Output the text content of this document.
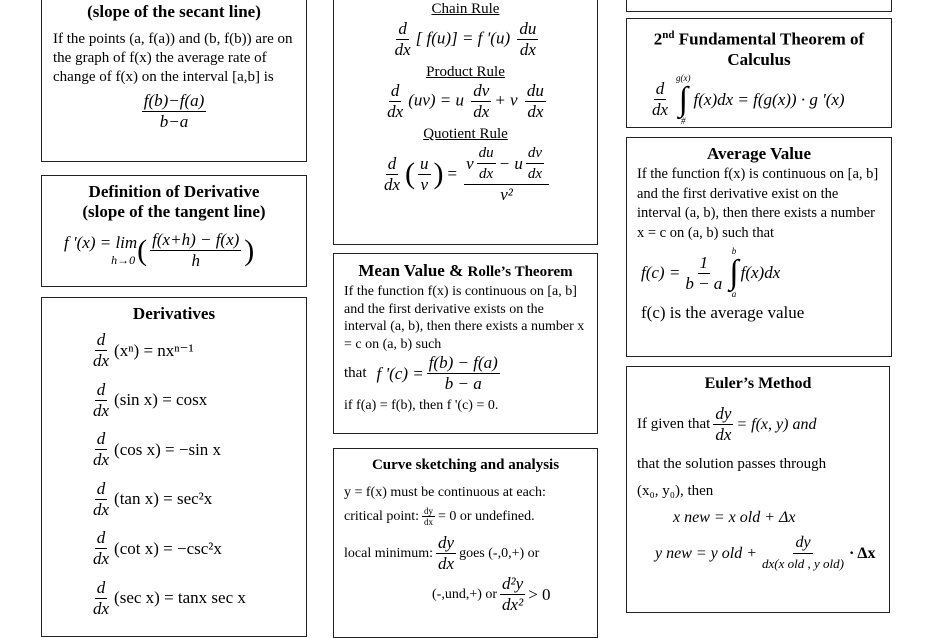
(slope of the secant line)
If the points (a, f(a)) and (b, f(b)) are on the graph of f(x) the average rate of change of f(x) on the interval [a,b] is
$\frac{f(b)-f(a)}{b-a}$
Definition of Derivative
(slope of the tangent line)
f '(x) = lim
h→0 ( $\frac{f(x+h) - f(x)}{h}$ )
Derivatives
$\frac{d}{dx} (x^n) = nx^{n-1}$
$\frac{d}{dx} (\sin$ x) = cosx
$\frac{d}{dx} (\cos$ x) = −sin x
$\frac{d}{dx} (\tan$ x) = sec²x
$\frac{d}{dx} (\cot$ x) = −csc²x
$\frac{d}{dx} (\sec$ x) = tanx sec x
Chain Rule
$\frac{d}{dx}$ [ f(u)] = f '$(u) \frac{du}{dx}$
Product Rule
$\frac{d}{dx} (uv) = u \frac{dv}{dx} + v \frac{du}{dx}$
Quotient Rule
$\frac{d}{dx}$ ( $\frac{u}{v}$ ) = $\frac{v \frac{du}{dx} - u \frac{dv}{dx}}{\text{v²}}$
Mean Value & Rolle’s Theorem
If the function f(x) is continuous on [a, b] and the first derivative exists on the interval (a, b), then there exists a number x = c on (a, b) such
that f '$(c) = \frac{f(b) - f(a)}{b - a}$
if f(a) = f(b), then f '(c) = 0.
Curve sketching and analysis
y = f(x) must be continuous at each:
critical point: $\frac{dy}{dx} = 0$ or undefined.
local minimum: $\frac{dy}{dx}$ goes (-,0,+) or
(-,und,+) or $\frac{\text{d²y}}{\text{dx²}} > 0$
2nd Fundamental Theorem of
Calculus
$\frac{d}{dx}$
g(x)
∫
#
f(x)dx = f(g(x)) · g '(x)
Average Value
If the function f(x) is continuous on [a, b] and the first derivative exist on the interval (a, b), then there exists a number x = c on (a, b) such that
$f(c) = \frac{1}{b - a}$
b
∫
a
f(x)dx
f(c) is the average value
Euler’s Method
If given that $\frac{dy}{dx} = f(x$, y) and
that the solution passes through
(x₀, y₀), then
x new = x old + Δx
y new = y old + $\frac{dy}{\text{dx(x old , y old)}} \cdot \Delta x$
